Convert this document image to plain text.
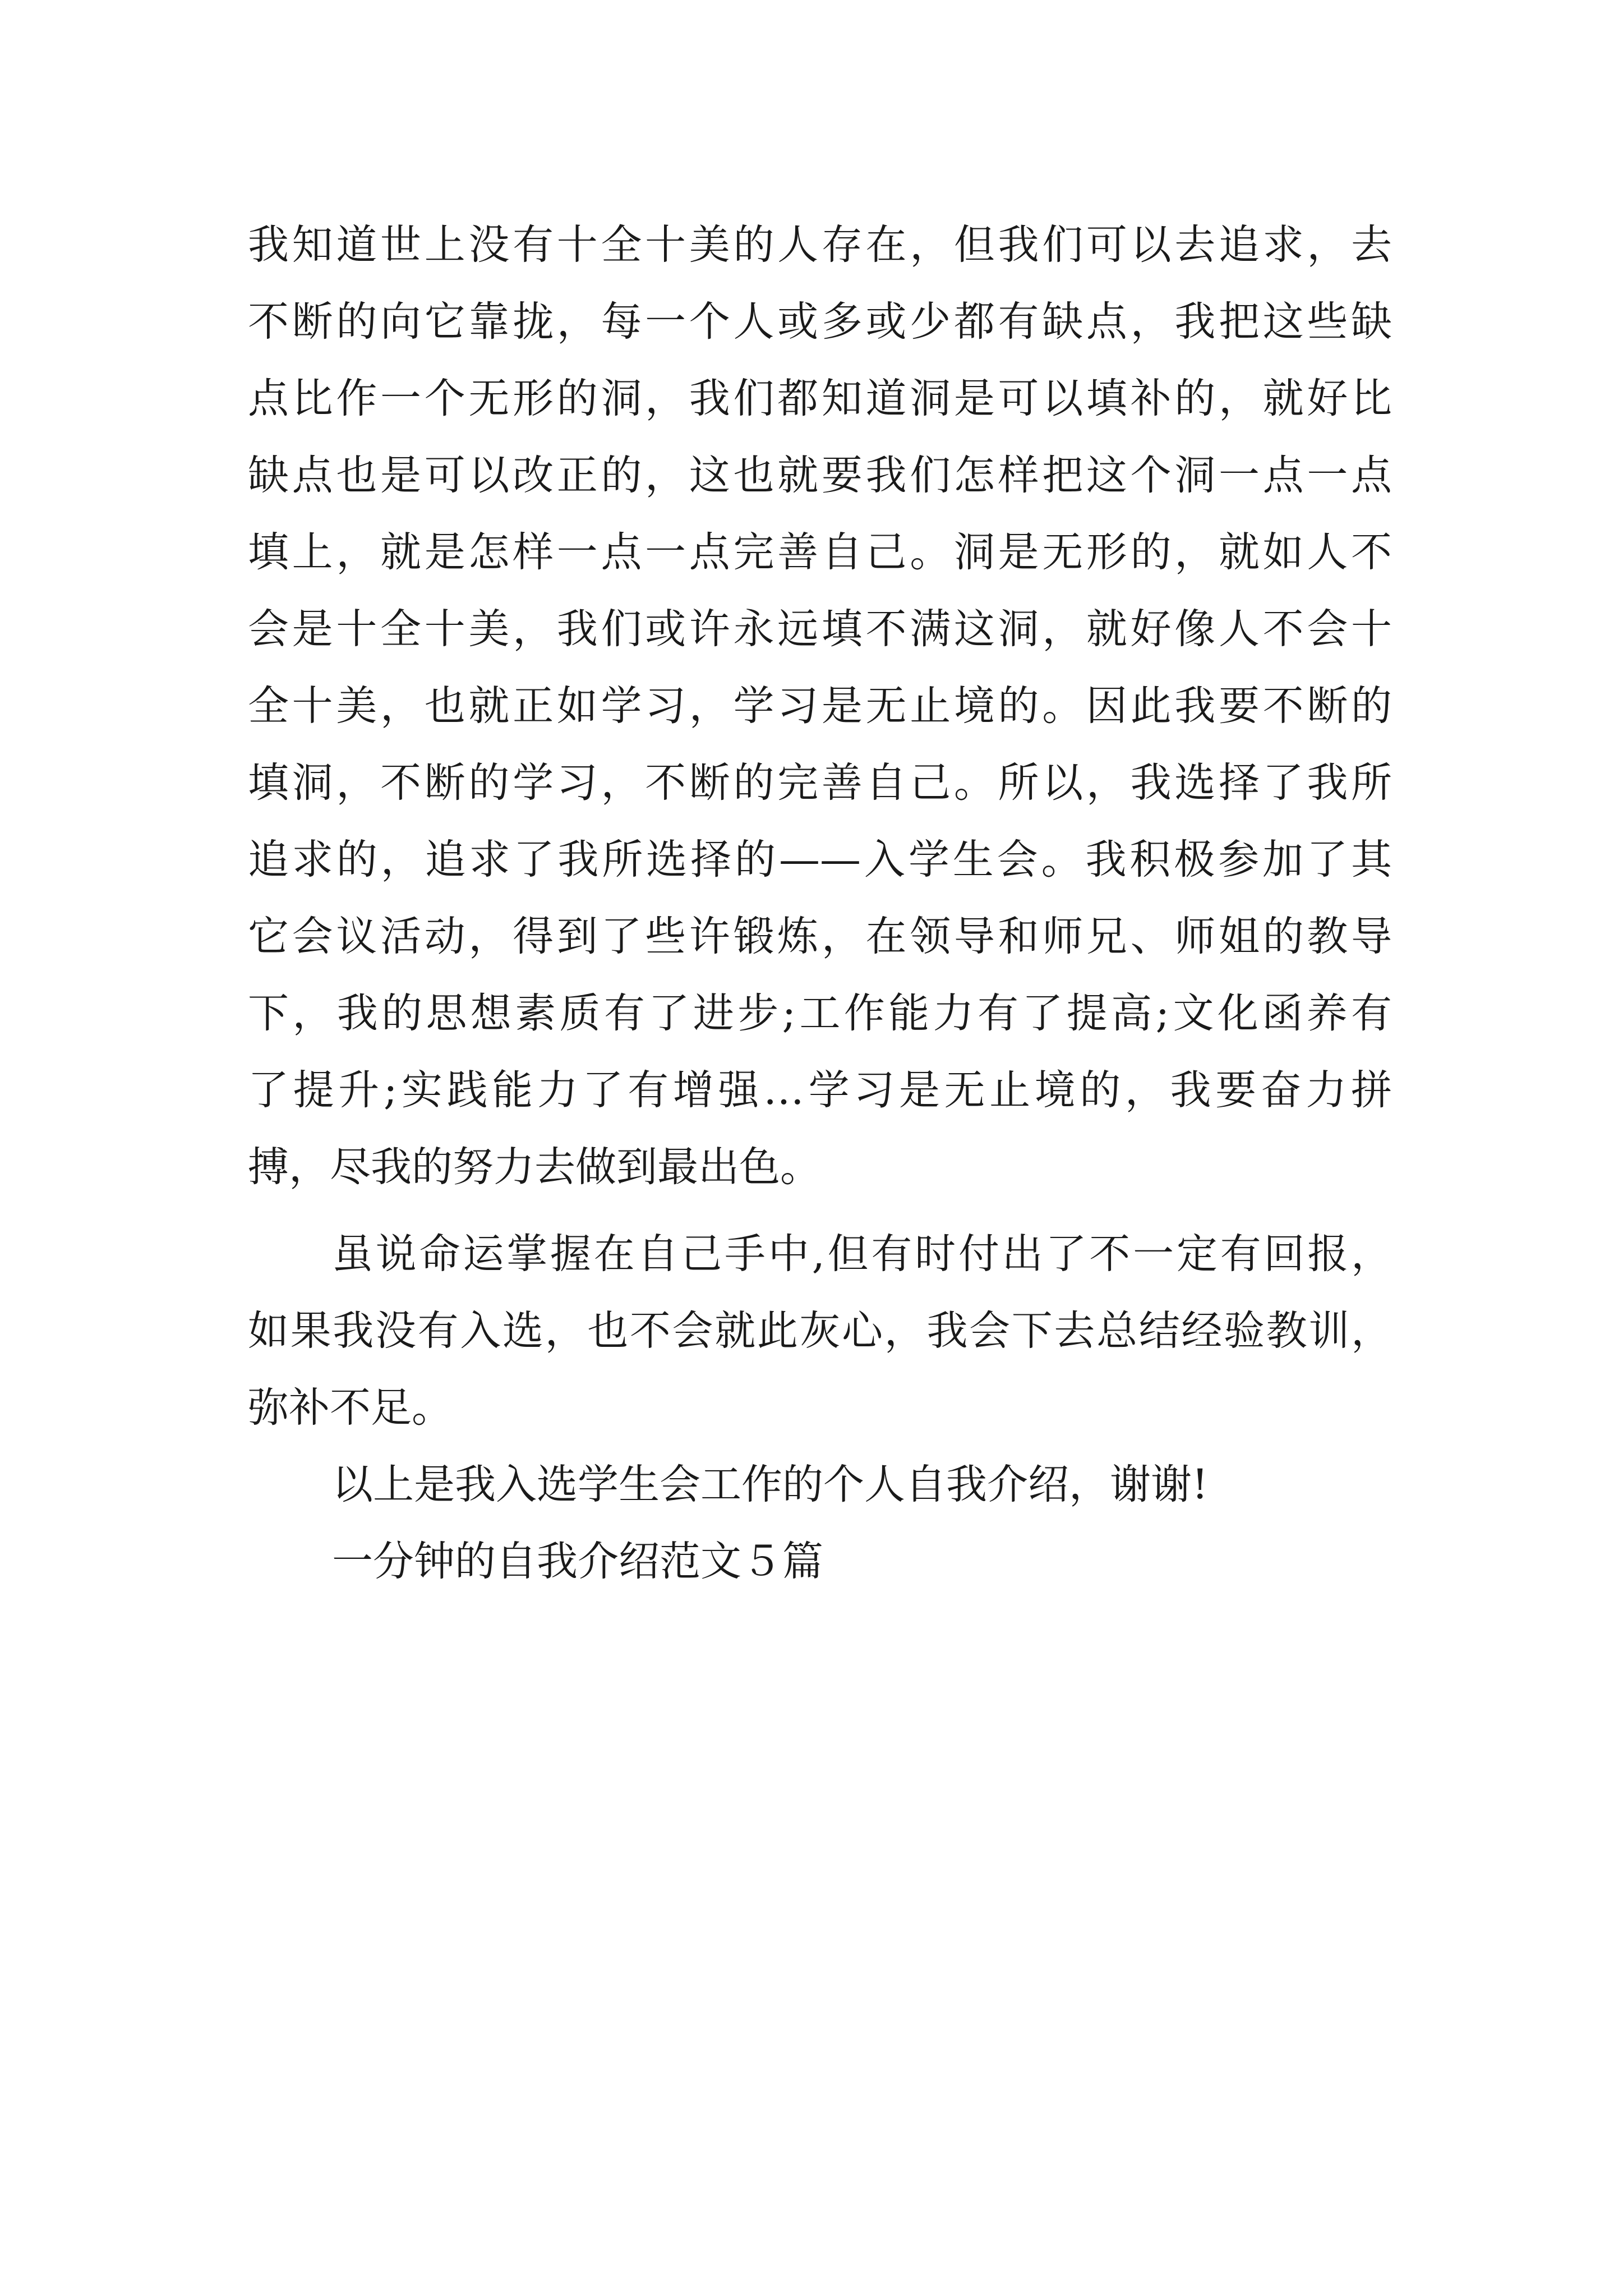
我知道世上没有十全十美的人存在，但我们可以去追求，去
不断的向它靠拢，每一个人或多或少都有缺点，我把这些缺
点比作一个无形的洞，我们都知道洞是可以填补的，就好比
缺点也是可以改正的，这也就要我们怎样把这个洞一点一点
填上，就是怎样一点一点完善自己。洞是无形的，就如人不
会是十全十美，我们或许永远填不满这洞，就好像人不会十
全十美，也就正如学习，学习是无止境的。因此我要不断的
填洞，不断的学习，不断的完善自己。所以，我选择了我所
追求的，追求了我所选择的——入学生会。我积极参加了其
它会议活动，得到了些许锻炼，在领导和师兄、师姐的教导
下，我的思想素质有了进步;工作能力有了提高;文化函养有
了提升;实践能力了有增强…学习是无止境的，我要奋力拼
搏，尽我的努力去做到最出色。
虽说命运掌握在自己手中,但有时付出了不一定有回报，
如果我没有入选，也不会就此灰心，我会下去总结经验教训，
弥补不足。
以上是我入选学生会工作的个人自我介绍，谢谢!
一分钟的自我介绍范文５篇
